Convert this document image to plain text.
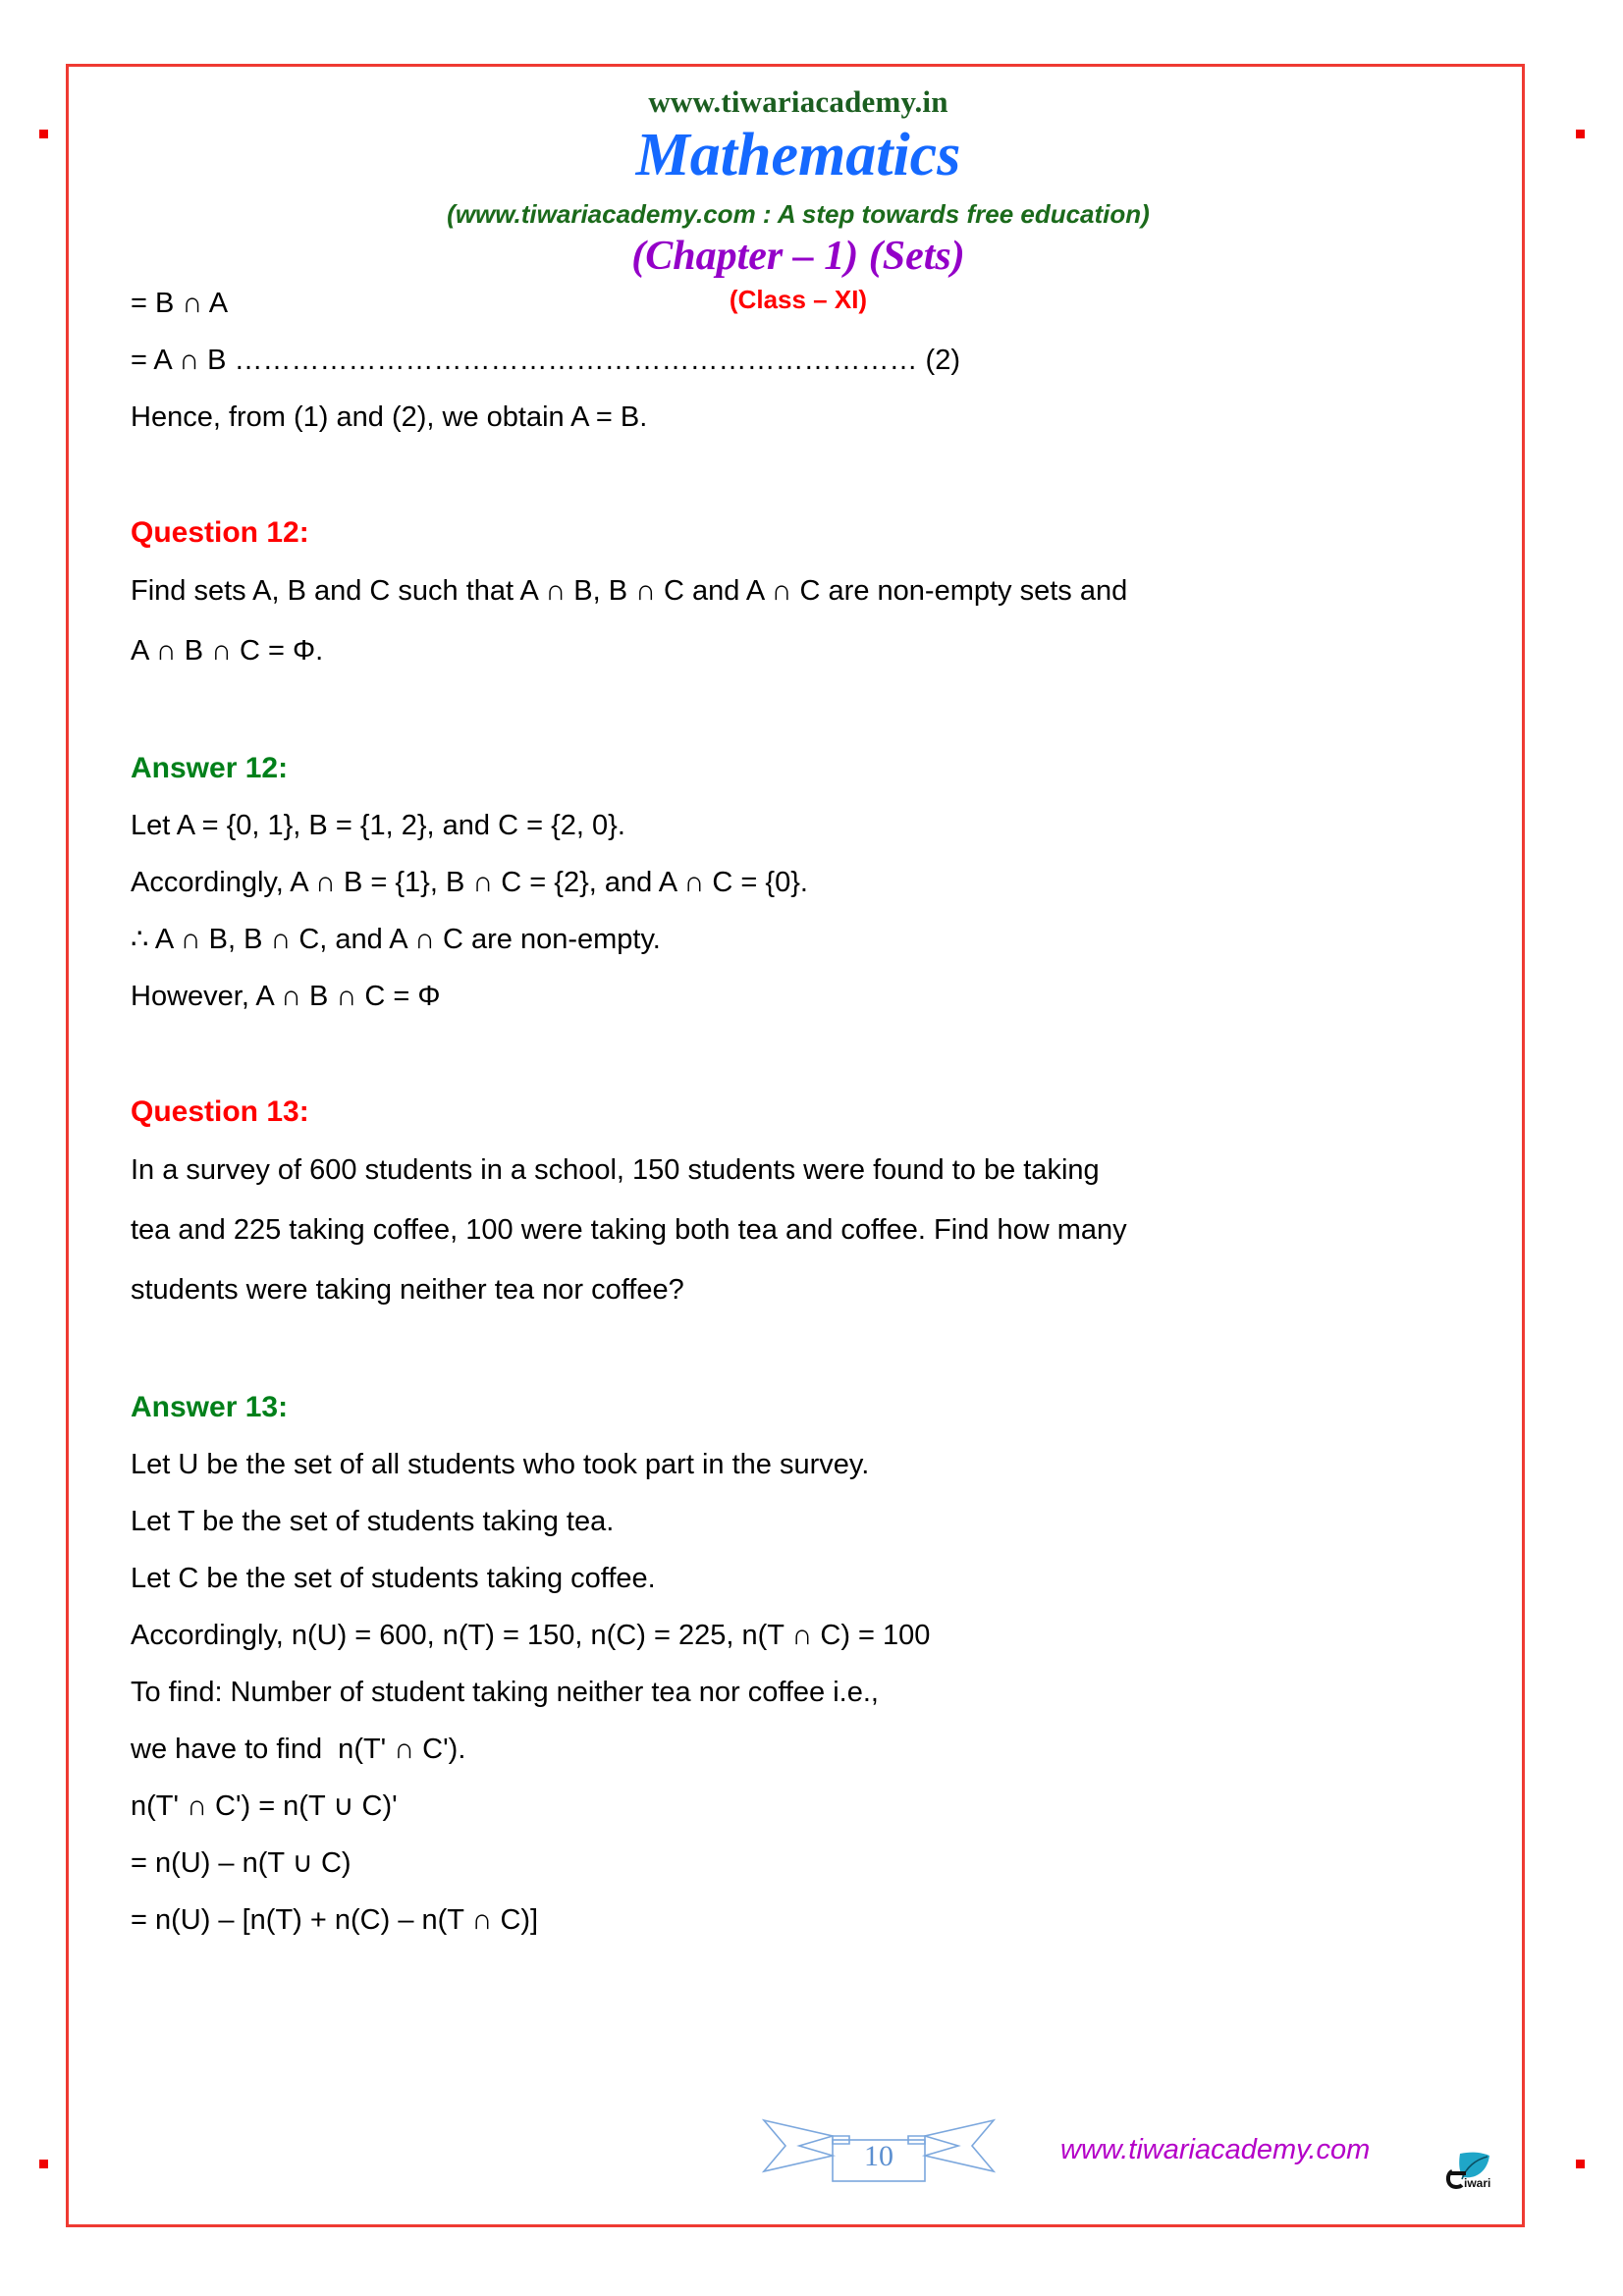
www.tiwariacademy.in
Mathematics
(www.tiwariacademy.com : A step towards free education)
(Chapter – 1) (Sets)
(Class – XI)
= B ∩ A
= A ∩ B ……………………………………………………………… (2)
Hence, from (1) and (2), we obtain A = B.
Question 12:
Find sets A, B and C such that A ∩ B, B ∩ C and A ∩ C are non-empty sets and
A ∩ B ∩ C = Φ.
Answer 12:
Let A = {0, 1}, B = {1, 2}, and C = {2, 0}.
Accordingly, A ∩ B = {1}, B ∩ C = {2}, and A ∩ C = {0}.
∴ A ∩ B, B ∩ C, and A ∩ C are non-empty.
However, A ∩ B ∩ C = Φ
Question 13:
In a survey of 600 students in a school, 150 students were found to be taking
tea and 225 taking coffee, 100 were taking both tea and coffee. Find how many
students were taking neither tea nor coffee?
Answer 13:
Let U be the set of all students who took part in the survey.
Let T be the set of students taking tea.
Let C be the set of students taking coffee.
Accordingly, n(U) = 600, n(T) = 150, n(C) = 225, n(T ∩ C) = 100
To find: Number of student taking neither tea nor coffee i.e.,
we have to find  n(T' ∩ C').
n(T' ∩ C') = n(T ∪ C)'
= n(U) – n(T ∪ C)
= n(U) – [n(T) + n(C) – n(T ∩ C)]
10	www.tiwariacademy.com
iwari
